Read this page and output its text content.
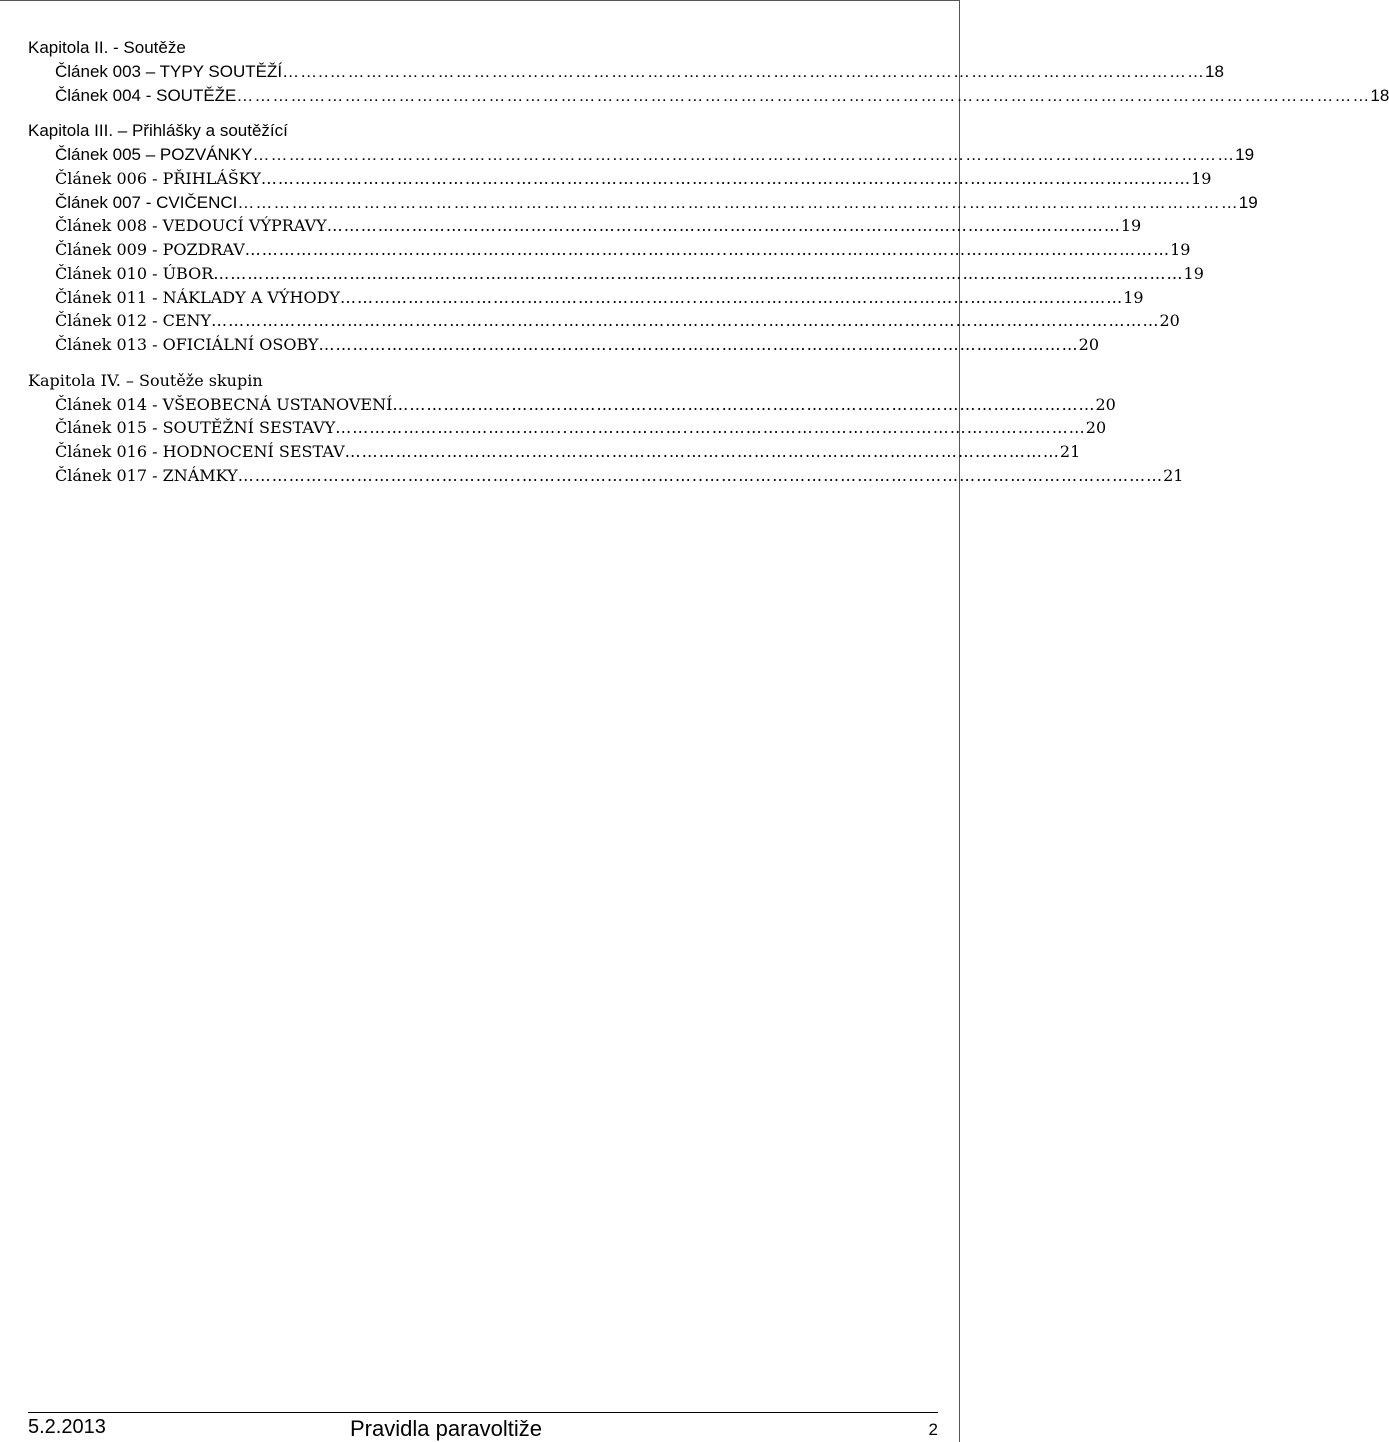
Kapitola II. - Soutěže
Článek 003 – TYPY SOUTĚŽÍ ……..……………………………..………………………………………………………………………………………………… 18
Článek 004 - SOUTĚŽE ……………………………………………………………………………………………………………………………………………………………………… 18
Kapitola III. – Přihlášky a soutěžící
Článek 005 – POZVÁNKY ……………………………………………………..……..…….…………………………………………………………………………… 19
Článek 006 - PŘIHLÁŠKY ……………………………………………………………….…….………………………………………………………………………… 19
Článek 007 - CVIČENCI …………………………………………………………………………..……………………………………………………………………… 19
Článek 008 - VEDOUCÍ VÝPRAVY …………………………………………………..……………………………………………………………………… 19
Článek 009 - POZDRAV …………………………………………………………..……………..…………………………………………………………………… 19
Článek 010 - ÚBOR ………………………………………………………..……………………….…………………………………………………………………… 19
Článek 011 - NÁKLADY A VÝHODY ……………………………………………….……..………………………………………………………………… 19
Článek 012 - CENY ……………………………………………………..………………………….…..…………………………………………………………… 20
Článek 013 - OFICIÁLNÍ OSOBY ……………………………………………..……………………………………………………………………… 20
Kapitola IV. – Soutěže skupin
Článek 014 - VŠEOBECNÁ USTANOVENÍ ………………………………………….………………………………………………………………… 20
Článek 015 - SOUTĚŽNÍ SESTAVY …………………………………..…..……………..…………………………………………………………… 20
Článek 016 - HODNOCENÍ SESTAV ………………………………..……………….…………………………………………………………… 21
Článek 017 - ZNÁMKY …………………………………………..…………………………..……………………………………………………………………… 21
5.2.2013	Pravidla paravoltiže	2
